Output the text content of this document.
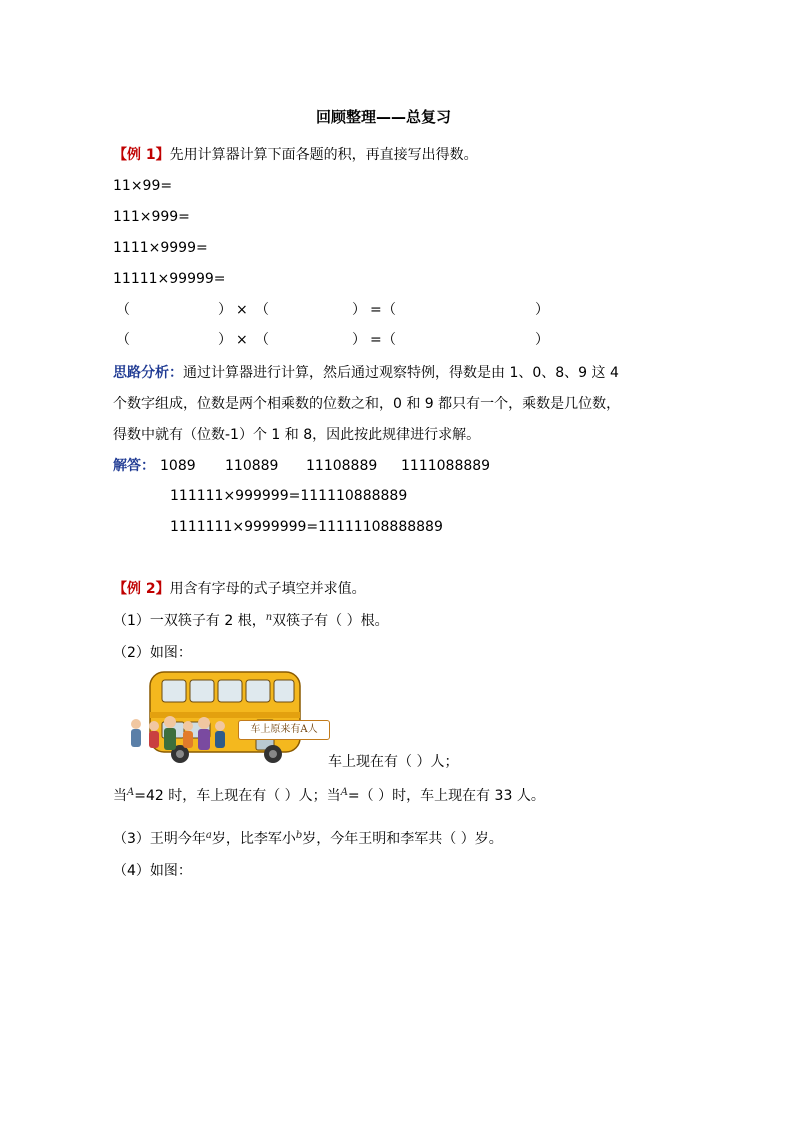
回顾整理——总复习
【例 1】先用计算器计算下面各题的积，再直接写出得数。
11×99=
111×999=
1111×9999=
11111×99999=
（	） × （	） = （	）
（	） × （	） = （	）
思路分析：通过计算器进行计算，然后通过观察特例，得数是由 1、0、8、9 这 4
个数字组成，位数是两个相乘数的位数之和，0 和 9 都只有一个，乘数是几位数，
得数中就有（位数-1）个 1 和 8，因此按此规律进行求解。
解答： 1089 110889 11108889 1111088889
111111×999999=111110888889
1111111×9999999=11111108888889
【例 2】用含有字母的式子填空并求值。
（1）一双筷子有 2 根，$^n$双筷子有（ ）根。
（2）如图：
车上原来有A人
车上现在有（ ）人；
当$^A$=42 时，车上现在有（ ）人；当$^A$=（ ）时，车上现在有 33 人。
（3）王明今年$^a$岁，比李军小$^b$岁，今年王明和李军共（ ）岁。
（4）如图：
